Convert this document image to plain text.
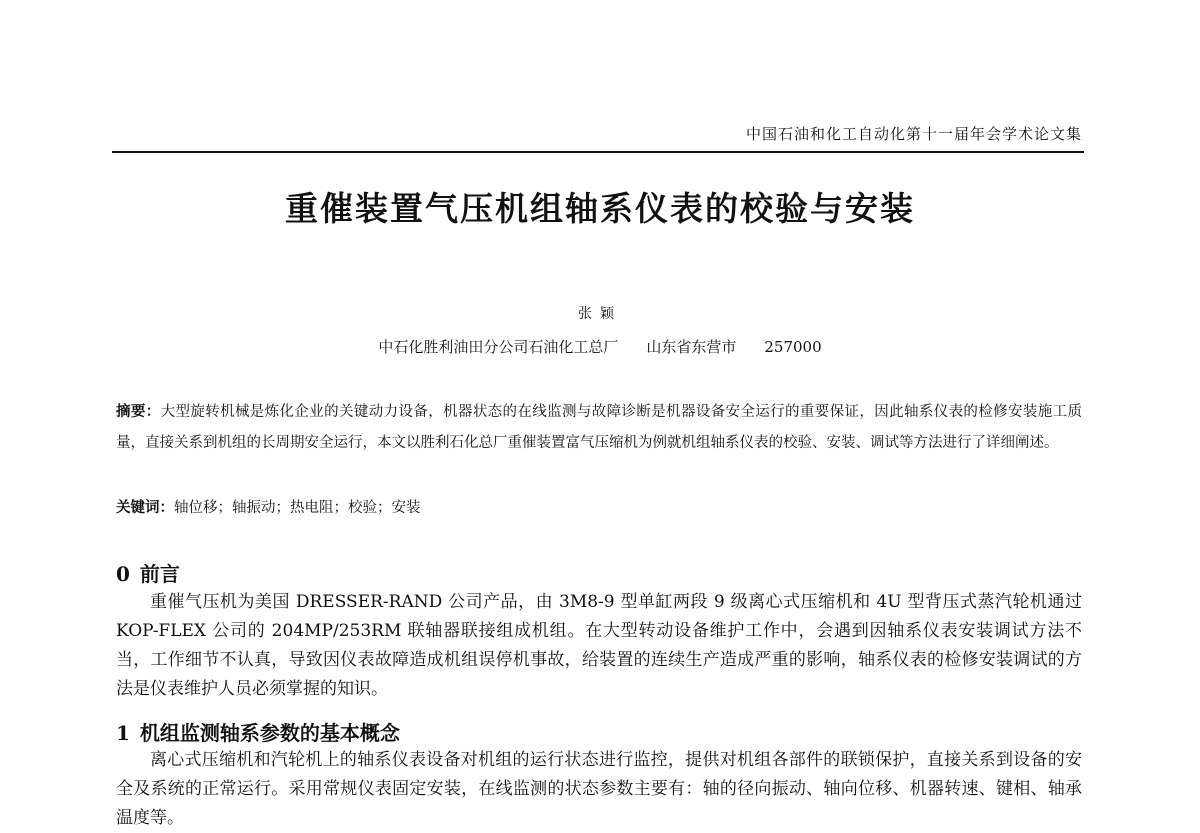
中国石油和化工自动化第十一届年会学术论文集
重催装置气压机组轴系仪表的校验与安装
张颖
中石化胜利油田分公司石油化工总厂 山东省东营市 257000

摘要：大型旋转机械是炼化企业的关键动力设备，机器状态的在线监测与故障诊断是机器设备安全运行的重要保证，因此轴系仪表的检修安装施工质量，直接关系到机组的长周期安全运行，本文以胜利石化总厂重催装置富气压缩机为例就机组轴系仪表的校验、安装、调试等方法进行了详细阐述。

关键词：轴位移；轴振动；热电阻；校验；安装
0 前言

重催气压机为美国 DRESSER-RAND 公司产品，由 3M8-9 型单缸两段 9 级离心式压缩机和 4U 型背压式蒸汽轮机通过 KOP-FLEX 公司的 204MP/253RM 联轴器联接组成机组。在大型转动设备维护工作中，会遇到因轴系仪表安装调试方法不当，工作细节不认真，导致因仪表故障造成机组误停机事故，给装置的连续生产造成严重的影响，轴系仪表的检修安装调试的方法是仪表维护人员必须掌握的知识。

1 机组监测轴系参数的基本概念

离心式压缩机和汽轮机上的轴系仪表设备对机组的运行状态进行监控，提供对机组各部件的联锁保护，直接关系到设备的安全及系统的正常运行。采用常规仪表固定安装，在线监测的状态参数主要有：轴的径向振动、轴向位移、机器转速、键相、轴承温度等。
